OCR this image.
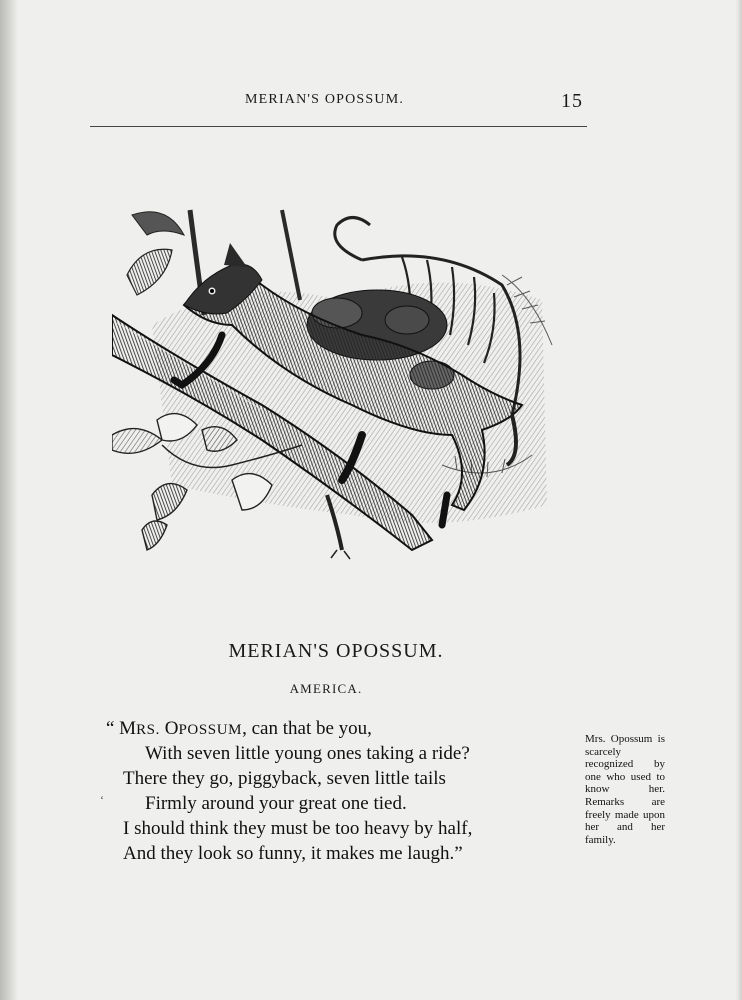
MERIAN'S OPOSSUM.	15
MERIAN'S OPOSSUM.
AMERICA.
“ MRS. OPOSSUM, can that be you,
With seven little young ones taking a ride?
There they go, piggyback, seven little tails
Firmly around your great one tied.
I should think they must be too heavy by half,
And they look so funny, it makes me laugh.”
‘
Mrs. Opossum is scarcely recognized by one who used to know her. Remarks are freely made upon her and her family.
